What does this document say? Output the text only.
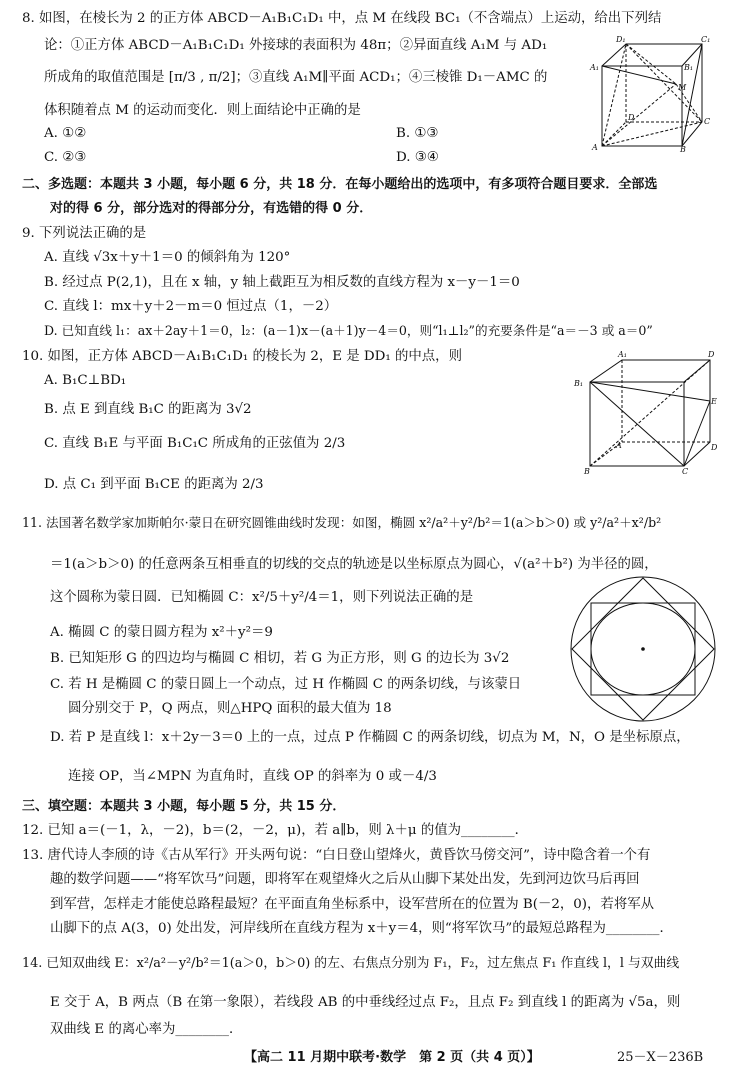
8. 如图，在棱长为 2 的正方体 ABCD－A₁B₁C₁D₁ 中，点 M 在线段 BC₁（不含端点）上运动，给出下列结
论：①正方体 ABCD－A₁B₁C₁D₁ 外接球的表面积为 48π；②异面直线 A₁M 与 AD₁
所成角的取值范围是 [π/3 , π/2]；③直线 A₁M∥平面 ACD₁；④三棱锥 D₁－AMC 的
体积随着点 M 的运动而变化．则上面结论中正确的是
A. ①②	B. ①③
C. ②③	D. ③④
D₁	C₁
A₁	B₁
M
D	C
A	B
二、多选题：本题共 3 小题，每小题 6 分，共 18 分．在每小题给出的选项中，有多项符合题目要求．全部选
对的得 6 分，部分选对的得部分分，有选错的得 0 分．
9. 下列说法正确的是
A. 直线 √3x＋y＋1＝0 的倾斜角为 120°
B. 经过点 P(2,1)，且在 x 轴，y 轴上截距互为相反数的直线方程为 x－y－1＝0
C. 直线 l：mx＋y＋2－m＝0 恒过点（1，－2）
D. 已知直线 l₁：ax＋2ay＋1＝0，l₂：(a－1)x－(a＋1)y－4＝0，则“l₁⊥l₂”的充要条件是“a＝－3 或 a＝0”
10. 如图，正方体 ABCD－A₁B₁C₁D₁ 的棱长为 2，E 是 DD₁ 的中点，则
A. B₁C⊥BD₁
B. 点 E 到直线 B₁C 的距离为 3√2
C. 直线 B₁E 与平面 B₁C₁C 所成角的正弦值为 2/3
D. 点 C₁ 到平面 B₁CE 的距离为 2/3
A₁	D
B₁
E
A	D
B	C
11. 法国著名数学家加斯帕尔·蒙日在研究圆锥曲线时发现：如图，椭圆 x²/a²＋y²/b²＝1(a＞b＞0) 或 y²/a²＋x²/b²
＝1(a＞b＞0) 的任意两条互相垂直的切线的交点的轨迹是以坐标原点为圆心，√(a²＋b²) 为半径的圆，
这个圆称为蒙日圆．已知椭圆 C：x²/5＋y²/4＝1，则下列说法正确的是
A. 椭圆 C 的蒙日圆方程为 x²＋y²＝9
B. 已知矩形 G 的四边均与椭圆 C 相切，若 G 为正方形，则 G 的边长为 3√2
C. 若 H 是椭圆 C 的蒙日圆上一个动点，过 H 作椭圆 C 的两条切线，与该蒙日
圆分别交于 P，Q 两点，则△HPQ 面积的最大值为 18
D. 若 P 是直线 l：x＋2y－3＝0 上的一点，过点 P 作椭圆 C 的两条切线，切点为 M，N，O 是坐标原点，
连接 OP，当∠MPN 为直角时，直线 OP 的斜率为 0 或－4/3
三、填空题：本题共 3 小题，每小题 5 分，共 15 分．
12. 已知 a＝(－1，λ，－2)，b＝(2，－2，μ)，若 a∥b，则 λ＋μ 的值为________．
13. 唐代诗人李颀的诗《古从军行》开头两句说：“白日登山望烽火，黄昏饮马傍交河”，诗中隐含着一个有
趣的数学问题——“将军饮马”问题，即将军在观望烽火之后从山脚下某处出发，先到河边饮马后再回
到军营，怎样走才能使总路程最短？在平面直角坐标系中，设军营所在的位置为 B(－2，0)，若将军从
山脚下的点 A(3，0) 处出发，河岸线所在直线方程为 x＋y＝4，则“将军饮马”的最短总路程为________．
14. 已知双曲线 E：x²/a²－y²/b²＝1(a＞0，b＞0) 的左、右焦点分别为 F₁，F₂，过左焦点 F₁ 作直线 l，l 与双曲线
E 交于 A，B 两点（B 在第一象限），若线段 AB 的中垂线经过点 F₂，且点 F₂ 到直线 l 的距离为 √5a，则
双曲线 E 的离心率为________．
【高二 11 月期中联考·数学　第 2 页（共 4 页）】	25－X－236B
